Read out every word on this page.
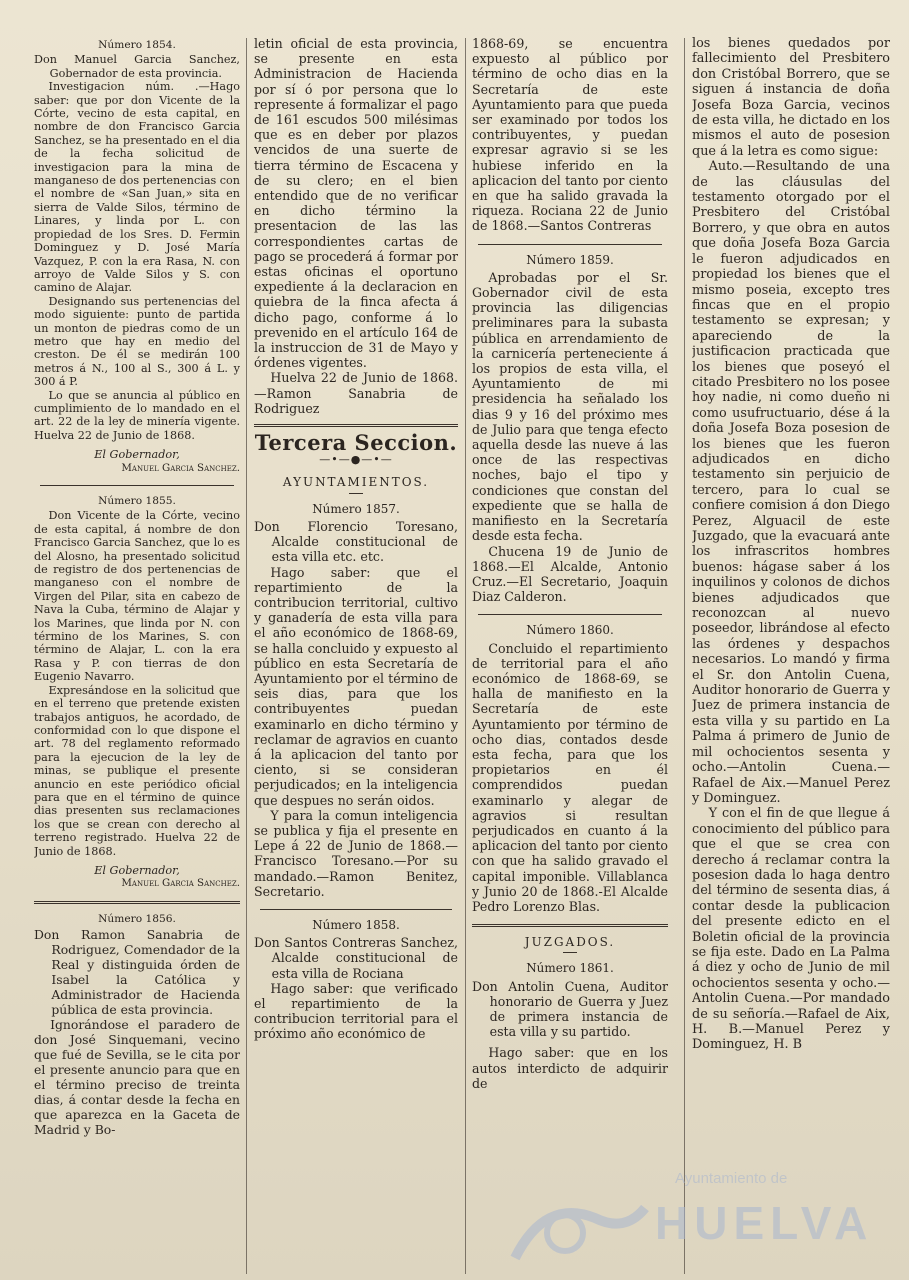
Número 1854.

Don Manuel Garcia Sanchez, Gobernador de esta provincia.

Investigacion núm. .—Hago saber: que por don Vicente de la Córte, vecino de esta capital, en nombre de don Francisco Garcia Sanchez, se ha presentado en el dia de la fecha solicitud de investigacion para la mina de manganeso de dos pertenencias con el nombre de «San Juan,» sita en sierra de Valde Silos, término de Linares, y linda por L. con propiedad de los Sres. D. Fermin Dominguez y D. José María Vazquez, P. con la era Rasa, N. con arroyo de Valde Silos y S. con camino de Alajar.

Designando sus pertenencias del modo siguiente: punto de partida un monton de piedras como de un metro que hay en medio del creston. De él se medirán 100 metros á N., 100 al S., 300 á L. y 300 á P.

Lo que se anuncia al público en cumplimiento de lo mandado en el art. 22 de la ley de minería vigente. Huelva 22 de Junio de 1868.

El Gobernador,
Manuel Garcia Sanchez.
Número 1855.

Don Vicente de la Córte, vecino de esta capital, á nombre de don Francisco Garcia Sanchez, que lo es del Alosno, ha presentado solicitud de registro de dos pertenencias de manganeso con el nombre de Virgen del Pilar, sita en cabezo de Nava la Cuba, término de Alajar y los Marines, que linda por N. con término de los Marines, S. con término de Alajar, L. con la era Rasa y P. con tierras de don Eugenio Navarro.

Expresándose en la solicitud que en el terreno que pretende existen trabajos antiguos, he acordado, de conformidad con lo que dispone el art. 78 del reglamento reformado para la ejecucion de la ley de minas, se publique el presente anuncio en este periódico oficial para que en el término de quince dias presenten sus reclamaciones los que se crean con derecho al terreno registrado. Huelva 22 de Junio de 1868.

El Gobernador,
Manuel Garcia Sanchez.
Número 1856.

Don Ramon Sanabria de Rodriguez, Comendador de la Real y distinguida órden de Isabel la Católica y Administrador de Hacienda pública de esta provincia.

Ignorándose el paradero de don José Sinquemani, vecino que fué de Sevilla, se le cita por el presente anuncio para que en el término preciso de treinta dias, á contar desde la fecha en que aparezca en la Gaceta de Madrid y Bo-

letin oficial de esta provincia, se presente en esta Administracion de Hacienda por sí ó por persona que lo represente á formalizar el pago de 161 escudos 500 milésimas que es en deber por plazos vencidos de una suerte de tierra término de Escacena y de su clero; en el bien entendido que de no verificar en dicho término la presentacion de las las correspondientes cartas de pago se procederá á formar por estas oficinas el oportuno expediente á la declaracion en quiebra de la finca afecta á dicho pago, conforme á lo prevenido en el artículo 164 de la instruccion de 31 de Mayo y órdenes vigentes.

Huelva 22 de Junio de 1868.—Ramon Sanabria de Rodriguez

Tercera Seccion.
—•—●—•—
AYUNTAMIENTOS.
Número 1857.

Don Florencio Toresano, Alcalde constitucional de esta villa etc. etc.

Hago saber: que el repartimiento de la contribucion territorial, cultivo y ganadería de esta villa para el año económico de 1868-69, se halla concluido y expuesto al público en esta Secretaría de Ayuntamiento por el término de seis dias, para que los contribuyentes puedan examinarlo en dicho término y reclamar de agravios en cuanto á la aplicacion del tanto por ciento, si se consideran perjudicados; en la inteligencia que despues no serán oidos.

Y para la comun inteligencia se publica y fija el presente en Lepe á 22 de Junio de 1868.—Francisco Toresano.—Por su mandado.—Ramon Benitez, Secretario.

Número 1858.

Don Santos Contreras Sanchez, Alcalde constitucional de esta villa de Rociana

Hago saber: que verificado el repartimiento de la contribucion territorial para el próximo año económico de

1868-69, se encuentra expuesto al público por término de ocho dias en la Secretaría de este Ayuntamiento para que pueda ser examinado por todos los contribuyentes, y puedan expresar agravio si se les hubiese inferido en la aplicacion del tanto por ciento en que ha salido gravada la riqueza. Rociana 22 de Junio de 1868.—Santos Contreras

Número 1859.

Aprobadas por el Sr. Gobernador civil de esta provincia las diligencias preliminares para la subasta pública en arrendamiento de la carnicería perteneciente á los propios de esta villa, el Ayuntamiento de mi presidencia ha señalado los dias 9 y 16 del próximo mes de Julio para que tenga efecto aquella desde las nueve á las once de las respectivas noches, bajo el tipo y condiciones que constan del expediente que se halla de manifiesto en la Secretaría desde esta fecha.

Chucena 19 de Junio de 1868.—El Alcalde, Antonio Cruz.—El Secretario, Joaquin Diaz Calderon.

Número 1860.

Concluido el repartimiento de territorial para el año económico de 1868-69, se halla de manifiesto en la Secretaría de este Ayuntamiento por término de ocho dias, contados desde esta fecha, para que los propietarios en él comprendidos puedan examinarlo y alegar de agravios si resultan perjudicados en cuanto á la aplicacion del tanto por ciento con que ha salido gravado el capital imponible. Villablanca y Junio 20 de 1868.-El Alcalde Pedro Lorenzo Blas.

JUZGADOS.
Número 1861.

Don Antolin Cuena, Auditor honorario de Guerra y Juez de primera instancia de esta villa y su partido.

Hago saber: que en los autos interdicto de adquirir de

los bienes quedados por fallecimiento del Presbitero don Cristóbal Borrero, que se siguen á instancia de doña Josefa Boza Garcia, vecinos de esta villa, he dictado en los mismos el auto de posesion que á la letra es como sigue:

Auto.—Resultando de una de las cláusulas del testamento otorgado por el Presbitero del Cristóbal Borrero, y que obra en autos que doña Josefa Boza Garcia le fueron adjudicados en propiedad los bienes que el mismo poseia, excepto tres fincas que en el propio testamento se expresan; y apareciendo de la justificacion practicada que los bienes que poseyó el citado Presbitero no los posee hoy nadie, ni como dueño ni como usufructuario, dése á la doña Josefa Boza posesion de los bienes que les fueron adjudicados en dicho testamento sin perjuicio de tercero, para lo cual se confiere comision á don Diego Perez, Alguacil de este Juzgado, que la evacuará ante los infrascritos hombres buenos: hágase saber á los inquilinos y colonos de dichos bienes adjudicados que reconozcan al nuevo poseedor, librándose al efecto las órdenes y despachos necesarios. Lo mandó y firma el Sr. don Antolin Cuena, Auditor honorario de Guerra y Juez de primera instancia de esta villa y su partido en La Palma á primero de Junio de mil ochocientos sesenta y ocho.—Antolin Cuena.—Rafael de Aix.—Manuel Perez y Dominguez.

Y con el fin de que llegue á conocimiento del público para que el que se crea con derecho á reclamar contra la posesion dada lo haga dentro del término de sesenta dias, á contar desde la publicacion del presente edicto en el Boletin oficial de la provincia se fija este. Dado en La Palma á diez y ocho de Junio de mil ochocientos sesenta y ocho.—Antolin Cuena.—Por mandado de su señoría.—Rafael de Aix, H. B.—Manuel Perez y Dominguez, H. B

Ayuntamiento de
HUELVA
